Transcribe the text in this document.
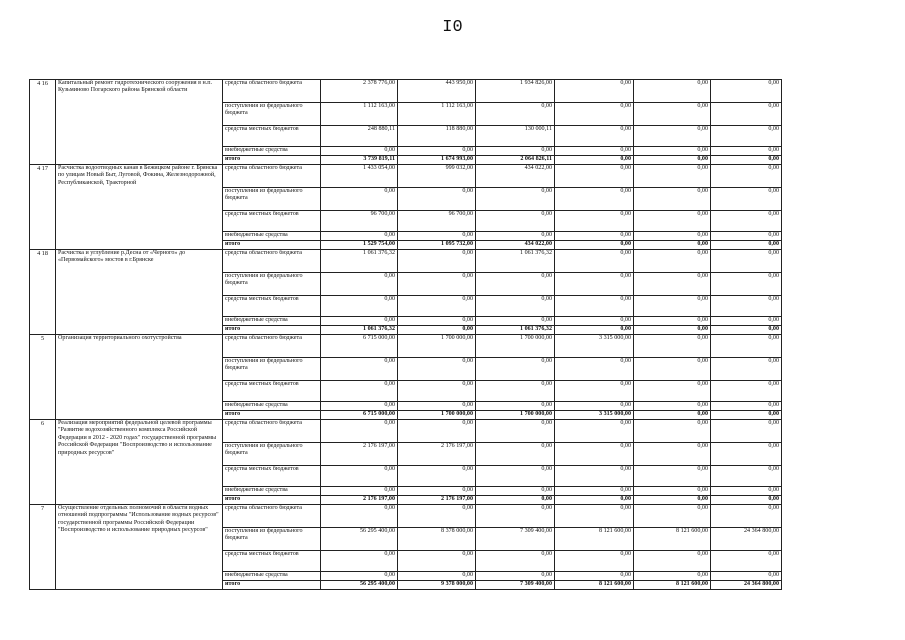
I0
4 16	Капитальный ремонт гидротехнического сооружения в н.п. Кузьминово Погарского района Брянской области	средства областного бюджета	2 378 776,00	443 950,00	1 934 826,00	0,00	0,00	0,00
		поступления из федерального бюджета	1 112 163,00	1 112 163,00	0,00	0,00	0,00	0,00
		средства местных бюджетов	248 880,11	118 880,00	130 000,11	0,00	0,00	0,00
		внебюджетные средства	0,00	0,00	0,00	0,00	0,00	0,00
		итого	3 739 819,11	1 674 993,00	2 064 826,11	0,00	0,00	0,00
4 17	Расчистка водоотводных канав в Бежицком районе г. Брянска по улицам Новый Быт, Луговой, Фокина, Железнодорожной, Республиканской, Тракторной	средства областного бюджета	1 433 054,00	999 032,00	434 022,00	0,00	0,00	0,00
		поступления из федерального бюджета	0,00	0,00	0,00	0,00	0,00	0,00
		средства местных бюджетов	96 700,00	96 700,00	0,00	0,00	0,00	0,00
		внебюджетные средства	0,00	0,00	0,00	0,00	0,00	0,00
		итого	1 529 754,00	1 095 732,00	434 022,00	0,00	0,00	0,00
4 18	Расчистка и углубление р.Десна от «Черного» до «Первомайского» мостов в г.Брянске	средства областного бюджета	1 061 376,32	0,00	1 061 376,32	0,00	0,00	0,00
		поступления из федерального бюджета	0,00	0,00	0,00	0,00	0,00	0,00
		средства местных бюджетов	0,00	0,00	0,00	0,00	0,00	0,00
		внебюджетные средства	0,00	0,00	0,00	0,00	0,00	0,00
		итого	1 061 376,32	0,00	1 061 376,32	0,00	0,00	0,00
5	Организация территориального охотустройства	средства областного бюджета	6 715 000,00	1 700 000,00	1 700 000,00	3 315 000,00	0,00	0,00
		поступления из федерального бюджета	0,00	0,00	0,00	0,00	0,00	0,00
		средства местных бюджетов	0,00	0,00	0,00	0,00	0,00	0,00
		внебюджетные средства	0,00	0,00	0,00	0,00	0,00	0,00
		итого	6 715 000,00	1 700 000,00	1 700 000,00	3 315 000,00	0,00	0,00
6	Реализация мероприятий федеральной целевой программы "Развитие водохозяйственного комплекса Российской Федерации в 2012 - 2020 годах" государственной программы Российской Федерации "Воспроизводство и использование природных ресурсов"	средства областного бюджета	0,00	0,00	0,00	0,00	0,00	0,00
		поступления из федерального бюджета	2 176 197,00	2 176 197,00	0,00	0,00	0,00	0,00
		средства местных бюджетов	0,00	0,00	0,00	0,00	0,00	0,00
		внебюджетные средства	0,00	0,00	0,00	0,00	0,00	0,00
		итого	2 176 197,00	2 176 197,00	0,00	0,00	0,00	0,00
7	Осуществление отдельных полномочий в области водных отношений подпрограммы "Использование водных ресурсов" государственной программы Российской Федерации "Воспроизводство и использование природных ресурсов"	средства областного бюджета	0,00	0,00	0,00	0,00	0,00	0,00
		поступления из федерального бюджета	56 295 400,00	8 378 000,00	7 309 400,00	8 121 600,00	8 121 600,00	24 364 800,00
		средства местных бюджетов	0,00	0,00	0,00	0,00	0,00	0,00
		внебюджетные средства	0,00	0,00	0,00	0,00	0,00	0,00
		итого	56 295 400,00	9 378 000,00	7 309 400,00	8 121 600,00	8 121 600,00	24 364 800,00
